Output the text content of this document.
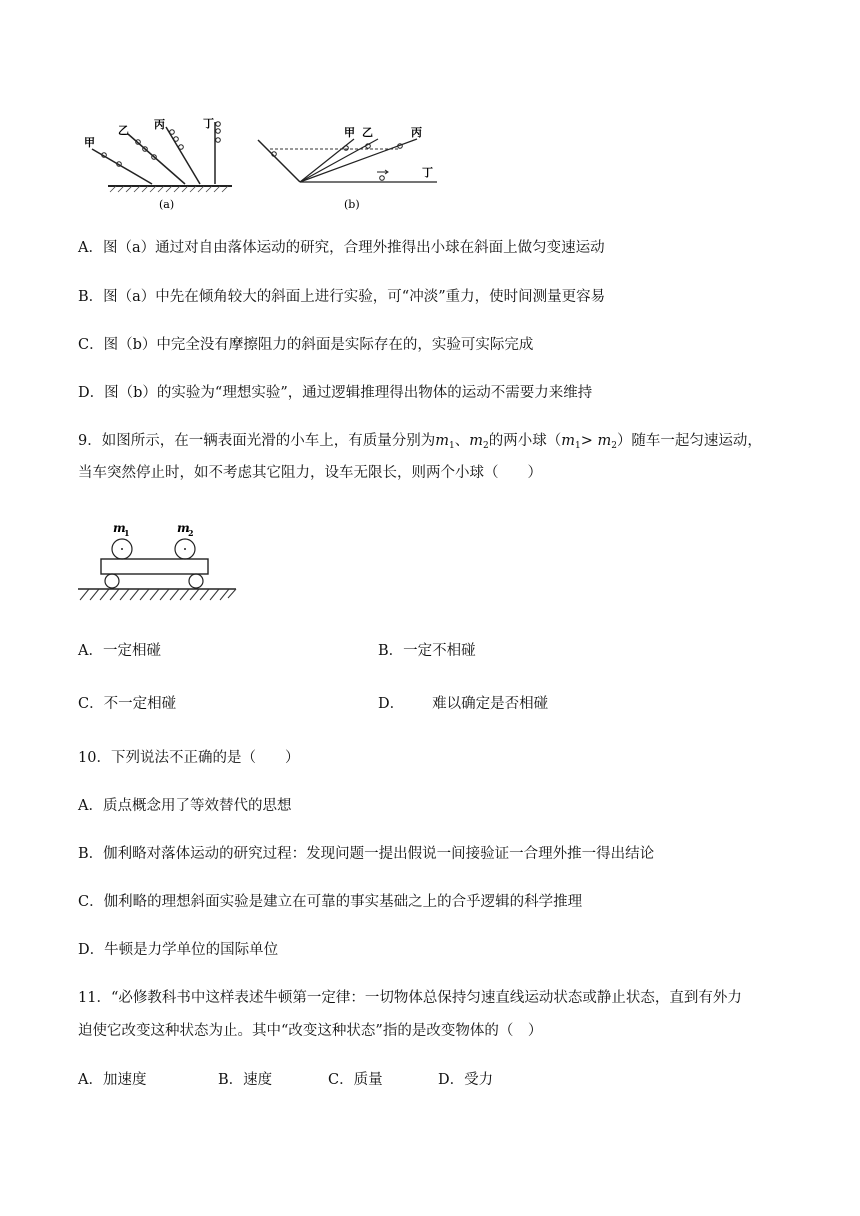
甲
乙 丙	丁
(a)
甲 乙	丙
丁
(b)
A．图（a）通过对自由落体运动的研究，合理外推得出小球在斜面上做匀变速运动
B．图（a）中先在倾角较大的斜面上进行实验，可“冲淡”重力，使时间测量更容易
C．图（b）中完全没有摩擦阻力的斜面是实际存在的，实验可实际完成
D．图（b）的实验为“理想实验”，通过逻辑推理得出物体的运动不需要力来维持
9．如图所示，在一辆表面光滑的小车上，有质量分别为$m_1$、$m_2$的两小球$(m_1> m_2)$随车一起匀速运动，
当车突然停止时，如不考虑其它阻力，设车无限长，则两个小球（　　）
m
1	m
2
A．一定相碰	B．一定不相碰
C．不一定相碰	D． 难以确定是否相碰
10．下列说法不正确的是（　　）
A．质点概念用了等效替代的思想
B．伽利略对落体运动的研究过程：发现问题一提出假说一间接验证一合理外推一得出结论
C．伽利略的理想斜面实验是建立在可靠的事实基础之上的合乎逻辑的科学推理
D．牛顿是力学单位的国际单位
11．“必修教科书中这样表述牛顿第一定律：一切物体总保持匀速直线运动状态或静止状态，直到有外力
迫使它改变这种状态为止。其中“改变这种状态”指的是改变物体的（　）
A．加速度	B．速度	C．质量	D．受力
